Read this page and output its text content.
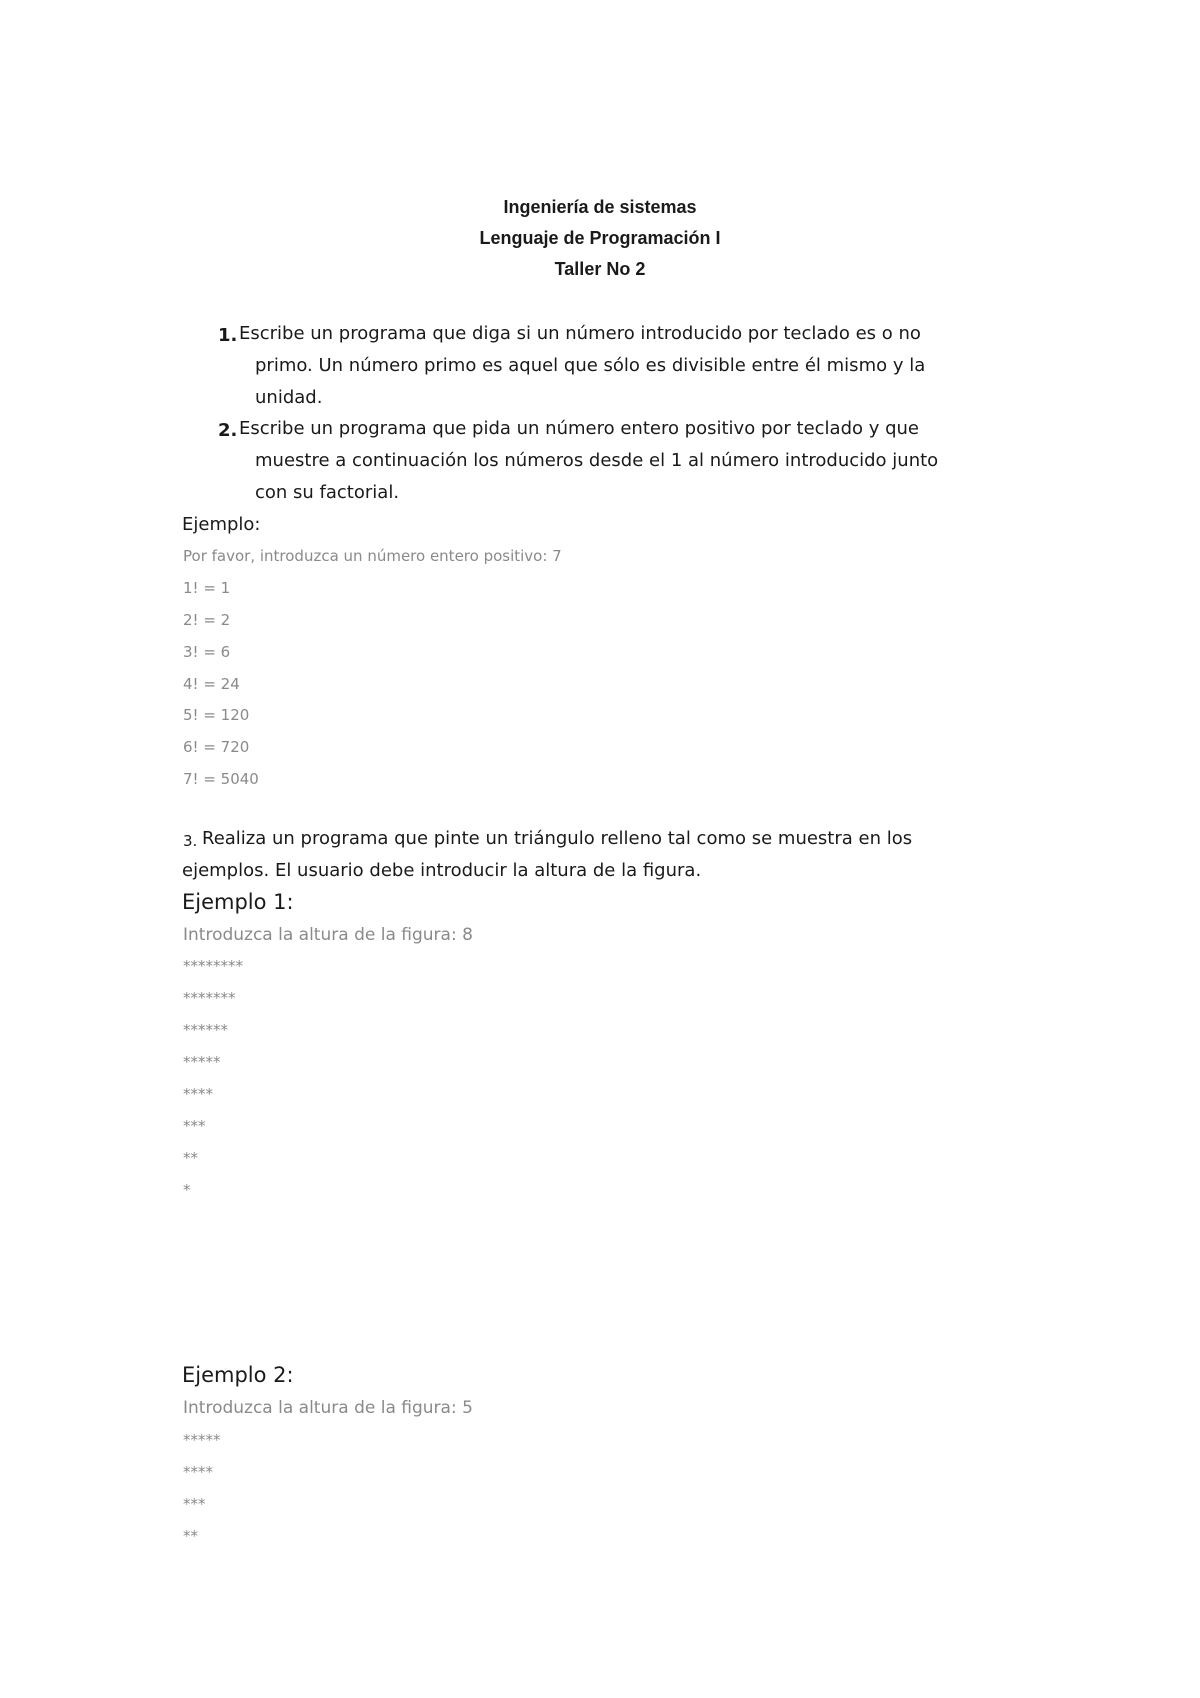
Ingeniería de sistemas
Lenguaje de Programación I
Taller No 2
1. Escribe un programa que diga si un número introducido por teclado es o no
primo. Un número primo es aquel que sólo es divisible entre él mismo y la
unidad.
2. Escribe un programa que pida un número entero positivo por teclado y que
muestre a continuación los números desde el 1 al número introducido junto
con su factorial.
Ejemplo:
Por favor, introduzca un número entero positivo: 7
1! = 1
2! = 2
3! = 6
4! = 24
5! = 120
6! = 720
7! = 5040
3. Realiza un programa que pinte un triángulo relleno tal como se muestra en los
ejemplos. El usuario debe introducir la altura de la figura.
Ejemplo 1:
Introduzca la altura de la figura: 8
********
*******
******
*****
****
***
**
*
Ejemplo 2:
Introduzca la altura de la figura: 5
*****
****
***
**
